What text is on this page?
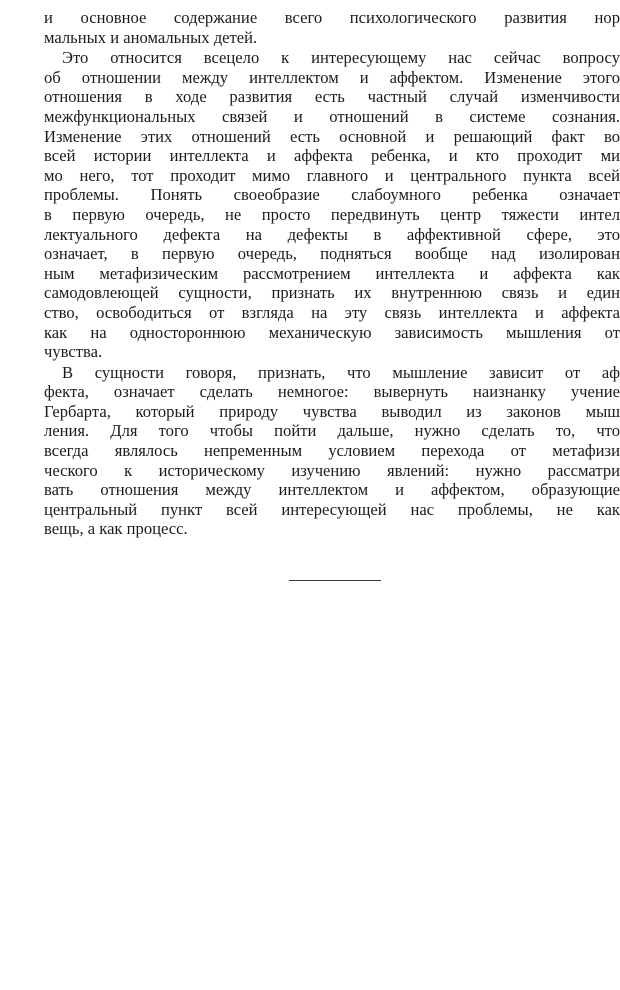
и основное содержание всего психологического развития нор
мальных и аномальных детей.
Это относится всецело к интересующему нас сейчас вопросу
об отношении между интеллектом и аффектом. Изменение этого
отношения в ходе развития есть частный случай изменчивости
межфункциональных связей и отношений в системе сознания.
Изменение этих отношений есть основной и решающий факт во
всей истории интеллекта и аффекта ребенка, и кто проходит ми
мо него, тот проходит мимо главного и центрального пункта всей
проблемы. Понять своеобразие слабоумного ребенка означает
в первую очередь, не просто передвинуть центр тяжести интел
лектуального дефекта на дефекты в аффективной сфере, это
означает, в первую очередь, подняться вообще над изолирован
ным метафизическим рассмотрением интеллекта и аффекта как
самодовлеющей сущности, признать их внутреннюю связь и един
ство, освободиться от взгляда на эту связь интеллекта и аффекта
как на одностороннюю механическую зависимость мышления от
чувства.
В сущности говоря, признать, что мышление зависит от аф
фекта, означает сделать немногое: вывернуть наизнанку учение
Гербарта, который природу чувства выводил из законов мыш
ления. Для того чтобы пойти дальше, нужно сделать то, что
всегда являлось непременным условием перехода от метафизи
ческого к историческому изучению явлений: нужно рассматри
вать отношения между интеллектом и аффектом, образующие
центральный пункт всей интересующей нас проблемы, не как
вещь, а как процесс.
